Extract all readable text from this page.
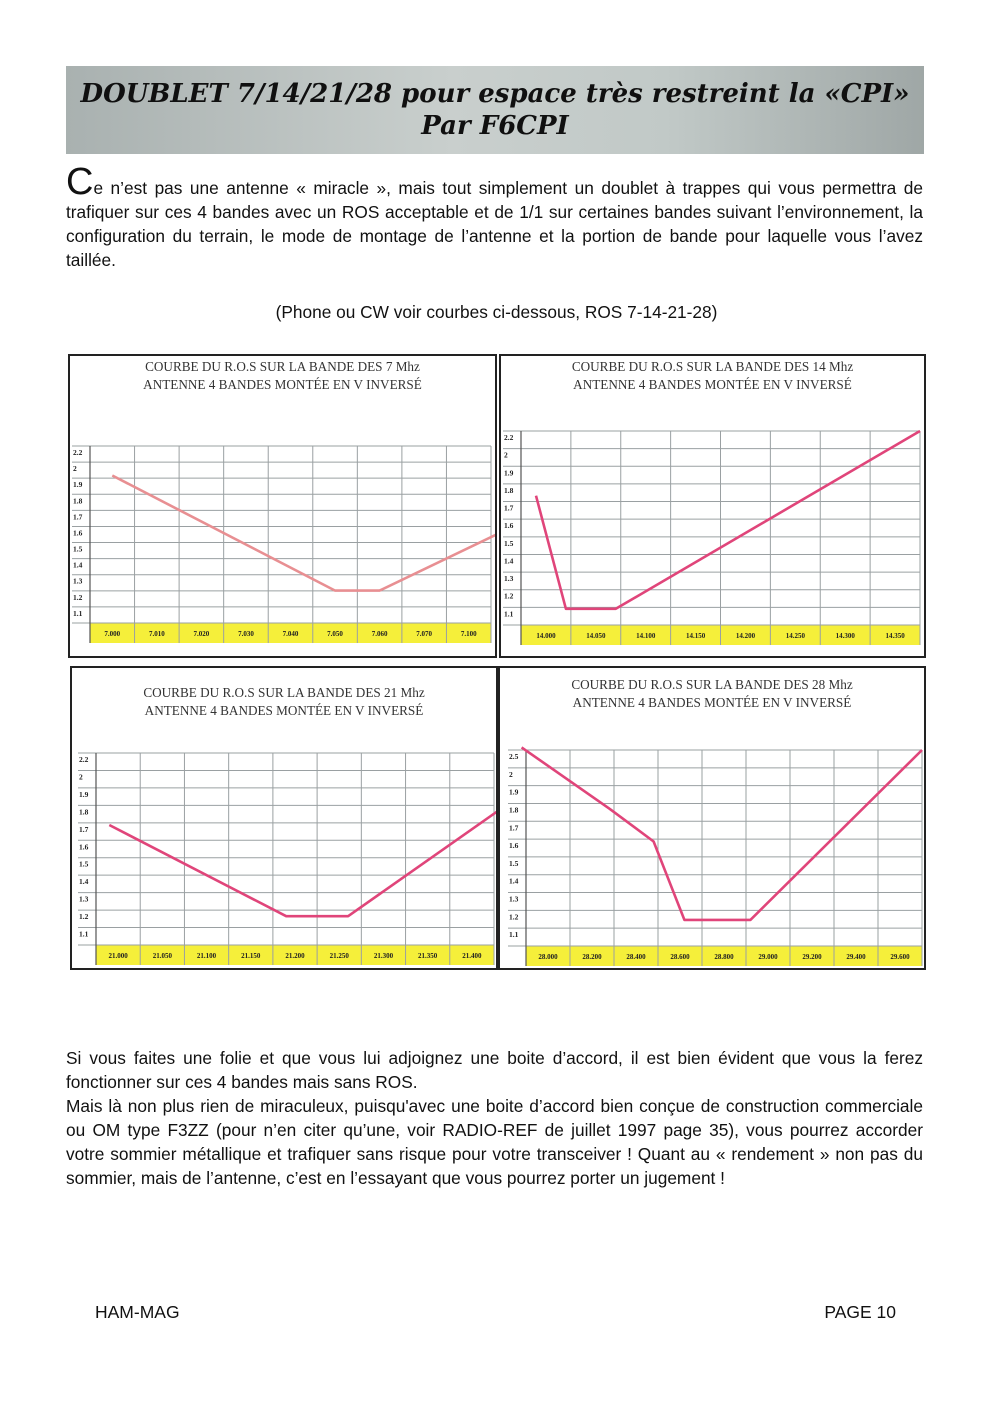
DOUBLET 7/14/21/28 pour espace très restreint la «CPI»
Par F6CPI
Ce n’est pas une antenne « miracle », mais tout simplement un doublet à trappes qui vous permettra de trafiquer sur ces 4 bandes avec un ROS acceptable et de 1/1 sur certaines bandes suivant l’environnement, la configuration du terrain, le mode de montage de l’antenne et la portion de bande pour laquelle vous l’avez taillée.
(Phone ou CW voir courbes ci-dessous, ROS 7-14-21-28)
COURBE DU R.O.S SUR LA BANDE DES 7 Mhz
ANTENNE 4 BANDES MONTÉE EN V INVERSÉ
2.2
2
1.9
1.8
1.7
1.6
1.5
1.4
1.3
1.2
1.1
7.000	7.010	7.020	7.030	7.040	7.050	7.060	7.070	7.100
COURBE DU R.O.S SUR LA BANDE DES 14 Mhz
ANTENNE 4 BANDES MONTÉE EN V INVERSÉ
2.2
2
1.9
1.8
1.7
1.6
1.5
1.4
1.3
1.2
1.1
14.000	14.050	14.100	14.150	14.200	14.250	14.300	14.350
COURBE DU R.O.S SUR LA BANDE DES 21 Mhz
ANTENNE 4 BANDES MONTÉE EN V INVERSÉ
2.2
2
1.9
1.8
1.7
1.6
1.5
1.4
1.3
1.2
1.1
21.000	21.050	21.100	21.150	21.200	21.250	21.300	21.350	21.400
COURBE DU R.O.S SUR LA BANDE DES 28 Mhz
ANTENNE 4 BANDES MONTÉE EN V INVERSÉ
2.5
2
1.9
1.8
1.7
1.6
1.5
1.4
1.3
1.2
1.1
28.000	28.200	28.400	28.600	28.800	29.000	29.200	29.400	29.600
Si vous faites une folie et que vous lui adjoignez une boite d’accord, il est bien évident que vous la ferez fonctionner sur ces 4 bandes mais sans ROS.
Mais là non plus rien de miraculeux, puisqu'avec une boite d’accord bien conçue de construction commerciale ou OM type F3ZZ (pour n’en citer qu’une, voir RADIO-REF de juillet 1997 page 35), vous pourrez accorder votre sommier métallique et trafiquer sans risque pour votre transceiver ! Quant au « rendement » non pas du sommier, mais de l’antenne, c’est en l’essayant que vous pourrez porter un jugement !
HAM-MAG	PAGE 10
